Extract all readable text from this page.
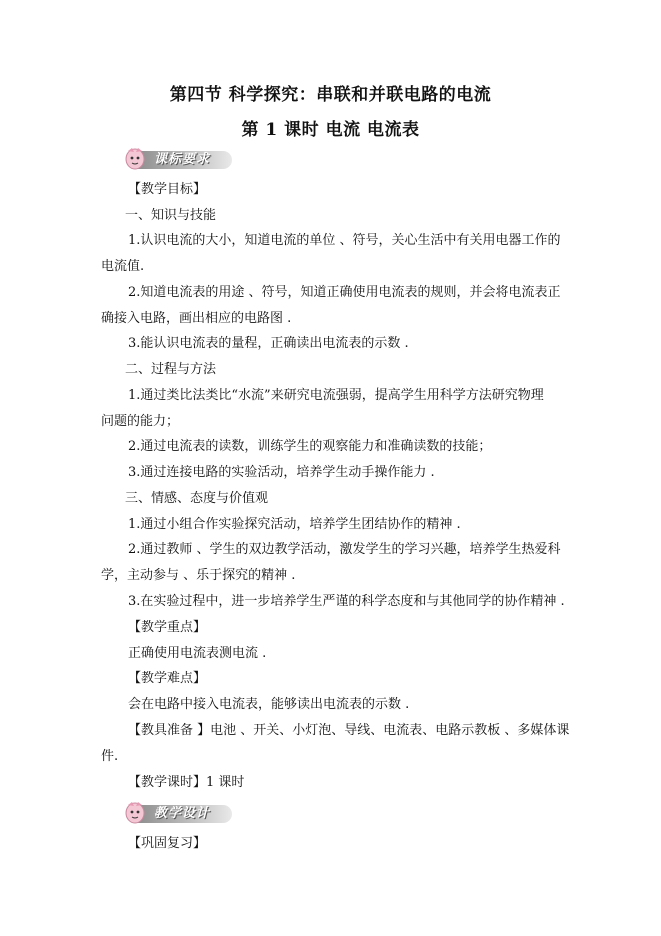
第四节 科学探究：串联和并联电路的电流
第 1 课时 电流 电流表
课标要求
【教学目标】
一、知识与技能
1.认识电流的大小，知道电流的单位 、符号，关心生活中有关用电器工作的
电流值.
2.知道电流表的用途 、符号，知道正确使用电流表的规则，并会将电流表正
确接入电路，画出相应的电路图 .
3.能认识电流表的量程，正确读出电流表的示数 .
二、过程与方法
1.通过类比法类比“水流”来研究电流强弱，提高学生用科学方法研究物理
问题的能力；
2.通过电流表的读数，训练学生的观察能力和准确读数的技能；
3.通过连接电路的实验活动，培养学生动手操作能力 .
三、情感、态度与价值观
1.通过小组合作实验探究活动，培养学生团结协作的精神 .
2.通过教师 、学生的双边教学活动，激发学生的学习兴趣，培养学生热爱科
学，主动参与 、乐于探究的精神 .
3.在实验过程中，进一步培养学生严谨的科学态度和与其他同学的协作精神 .
【教学重点】
正确使用电流表测电流 .
【教学难点】
会在电路中接入电流表，能够读出电流表的示数 .
【教具准备 】电池 、开关、小灯泡、导线、电流表、电路示教板 、多媒体课
件.
【教学课时】1 课时
教学设计
【巩固复习】
